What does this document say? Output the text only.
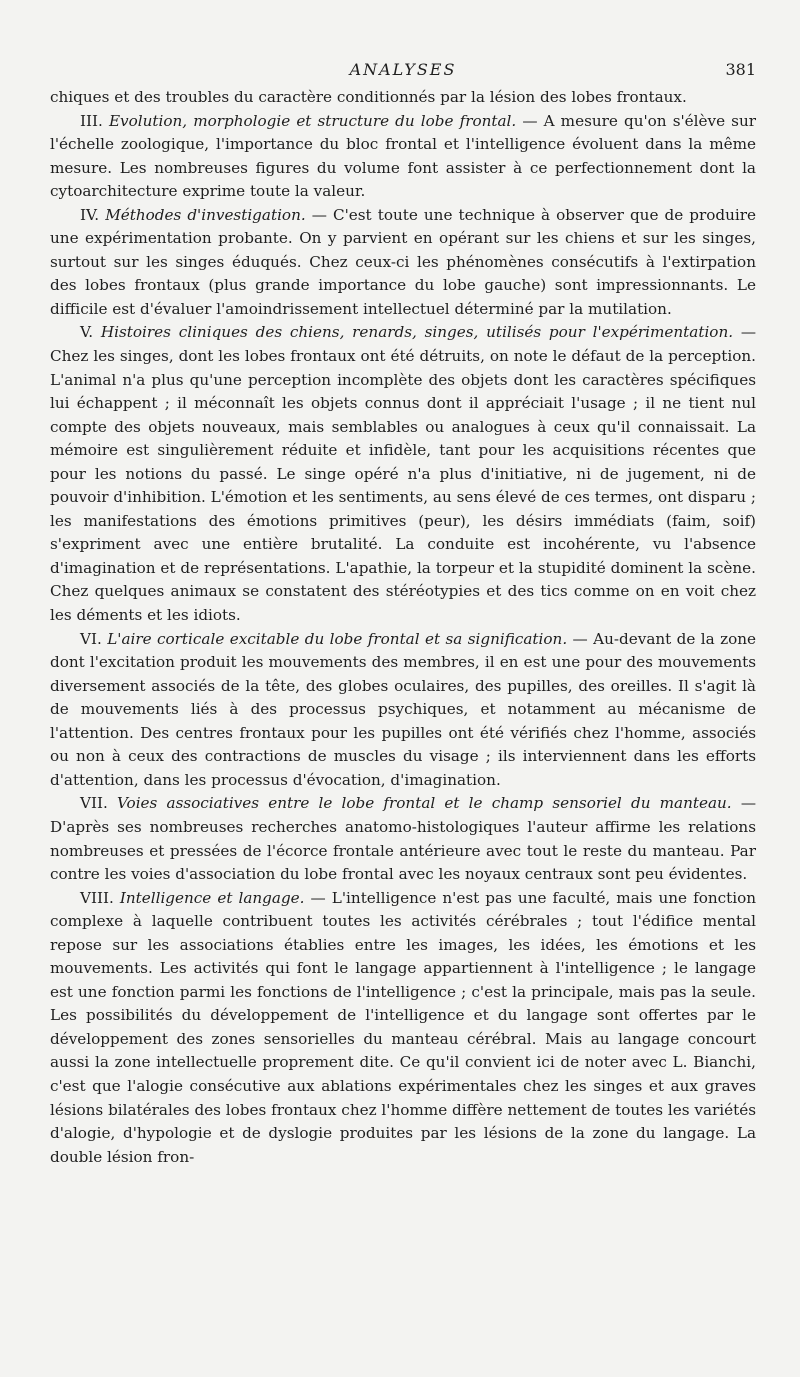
ANALYSES	381

chiques et des troubles du caractère conditionnés par la lésion des lobes frontaux.

III. Evolution, morphologie et structure du lobe frontal. — A mesure qu'on s'élève sur l'échelle zoologique, l'importance du bloc frontal et l'intelligence évoluent dans la même mesure. Les nombreuses figures du volume font assister à ce perfectionnement dont la cytoarchitecture exprime toute la valeur.

IV. Méthodes d'investigation. — C'est toute une technique à observer que de produire une expérimentation probante. On y parvient en opérant sur les chiens et sur les singes, surtout sur les singes éduqués. Chez ceux-ci les phénomènes consécutifs à l'extirpation des lobes frontaux (plus grande importance du lobe gauche) sont impressionnants. Le difficile est d'évaluer l'amoindrissement intellectuel déterminé par la mutilation.

V. Histoires cliniques des chiens, renards, singes, utilisés pour l'expérimentation. — Chez les singes, dont les lobes frontaux ont été détruits, on note le défaut de la perception. L'animal n'a plus qu'une perception incomplète des objets dont les caractères spécifiques lui échappent ; il méconnaît les objets connus dont il appréciait l'usage ; il ne tient nul compte des objets nouveaux, mais semblables ou analogues à ceux qu'il connaissait. La mémoire est singulièrement réduite et infidèle, tant pour les acquisitions récentes que pour les notions du passé. Le singe opéré n'a plus d'initiative, ni de jugement, ni de pouvoir d'inhibition. L'émotion et les sentiments, au sens élevé de ces termes, ont disparu ; les manifestations des émotions primitives (peur), les désirs immédiats (faim, soif) s'expriment avec une entière brutalité. La conduite est incohérente, vu l'absence d'imagination et de représentations. L'apathie, la torpeur et la stupidité dominent la scène. Chez quelques animaux se constatent des stéréotypies et des tics comme on en voit chez les déments et les idiots.

VI. L'aire corticale excitable du lobe frontal et sa signification. — Au-devant de la zone dont l'excitation produit les mouvements des membres, il en est une pour des mouvements diversement associés de la tête, des globes oculaires, des pupilles, des oreilles. Il s'agit là de mouvements liés à des processus psychiques, et notamment au mécanisme de l'attention. Des centres frontaux pour les pupilles ont été vérifiés chez l'homme, associés ou non à ceux des contractions de muscles du visage ; ils interviennent dans les efforts d'attention, dans les processus d'évocation, d'imagination.

VII. Voies associatives entre le lobe frontal et le champ sensoriel du manteau. — D'après ses nombreuses recherches anatomo-histologiques l'auteur affirme les relations nombreuses et pressées de l'écorce frontale antérieure avec tout le reste du manteau. Par contre les voies d'association du lobe frontal avec les noyaux centraux sont peu évidentes.

VIII. Intelligence et langage. — L'intelligence n'est pas une faculté, mais une fonction complexe à laquelle contribuent toutes les activités cérébrales ; tout l'édifice mental repose sur les associations établies entre les images, les idées, les émotions et les mouvements. Les activités qui font le langage appartiennent à l'intelligence ; le langage est une fonction parmi les fonctions de l'intelligence ; c'est la principale, mais pas la seule. Les possibilités du développement de l'intelligence et du langage sont offertes par le développement des zones sensorielles du manteau cérébral. Mais au langage concourt aussi la zone intellectuelle proprement dite. Ce qu'il convient ici de noter avec L. Bianchi, c'est que l'alogie consécutive aux ablations expérimentales chez les singes et aux graves lésions bilatérales des lobes frontaux chez l'homme diffère nettement de toutes les variétés d'alogie, d'hypologie et de dyslogie produites par les lésions de la zone du langage. La double lésion fron-
